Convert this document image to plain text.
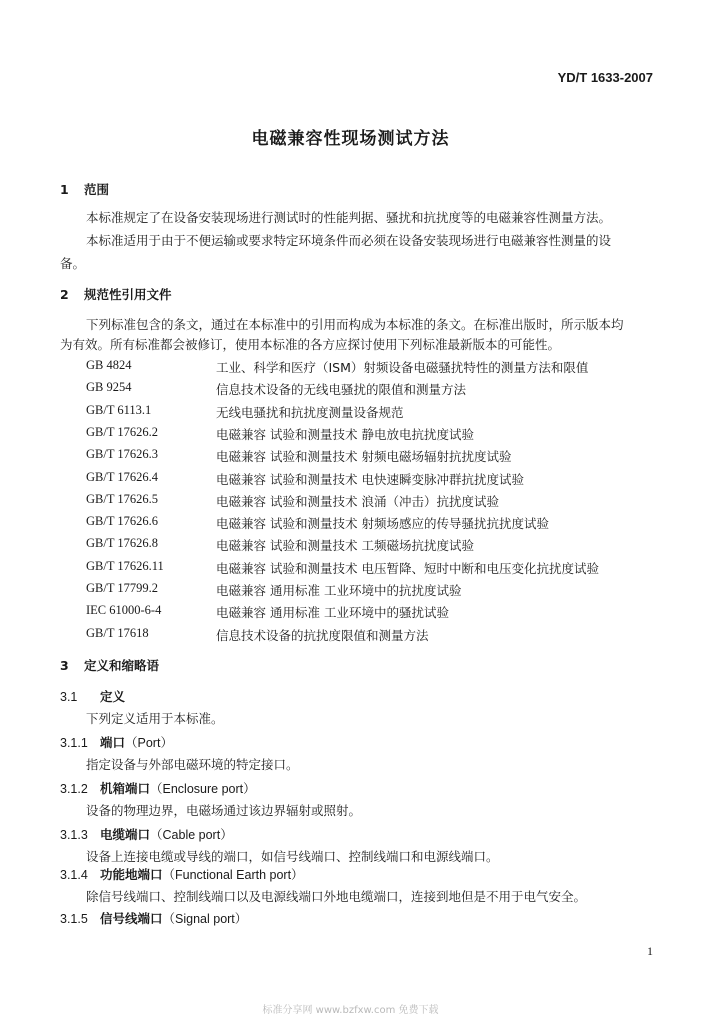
YD/T 1633-2007
电磁兼容性现场测试方法
1 范围
本标准规定了在设备安装现场进行测试时的性能判据、骚扰和抗扰度等的电磁兼容性测量方法。
本标准适用于由于不便运输或要求特定环境条件而必须在设备安装现场进行电磁兼容性测量的设
备。
2 规范性引用文件
下列标准包含的条文，通过在本标准中的引用而构成为本标准的条文。在标准出版时，所示版本均
为有效。所有标准都会被修订，使用本标准的各方应探讨使用下列标准最新版本的可能性。
GB 4824	工业、科学和医疗（ISM）射频设备电磁骚扰特性的测量方法和限值
GB 9254	信息技术设备的无线电骚扰的限值和测量方法
GB/T 6113.1	无线电骚扰和抗扰度测量设备规范
GB/T 17626.2	电磁兼容 试验和测量技术 静电放电抗扰度试验
GB/T 17626.3	电磁兼容 试验和测量技术 射频电磁场辐射抗扰度试验
GB/T 17626.4	电磁兼容 试验和测量技术 电快速瞬变脉冲群抗扰度试验
GB/T 17626.5	电磁兼容 试验和测量技术 浪涌（冲击）抗扰度试验
GB/T 17626.6	电磁兼容 试验和测量技术 射频场感应的传导骚扰抗扰度试验
GB/T 17626.8	电磁兼容 试验和测量技术 工频磁场抗扰度试验
GB/T 17626.11	电磁兼容 试验和测量技术 电压暂降、短时中断和电压变化抗扰度试验
GB/T 17799.2	电磁兼容 通用标准 工业环境中的抗扰度试验
IEC 61000-6-4	电磁兼容 通用标准 工业环境中的骚扰试验
GB/T 17618	信息技术设备的抗扰度限值和测量方法
3 定义和缩略语
3.1 定义
下列定义适用于本标准。
3.1.1 端口（Port）
指定设备与外部电磁环境的特定接口。
3.1.2 机箱端口（Enclosure port）
设备的物理边界，电磁场通过该边界辐射或照射。
3.1.3 电缆端口（Cable port）
设备上连接电缆或导线的端口，如信号线端口、控制线端口和电源线端口。
3.1.4 功能地端口（Functional Earth port）
除信号线端口、控制线端口以及电源线端口外地电缆端口，连接到地但是不用于电气安全。
3.1.5 信号线端口（Signal port）
1
标准分享网 www.bzfxw.com 免费下载
